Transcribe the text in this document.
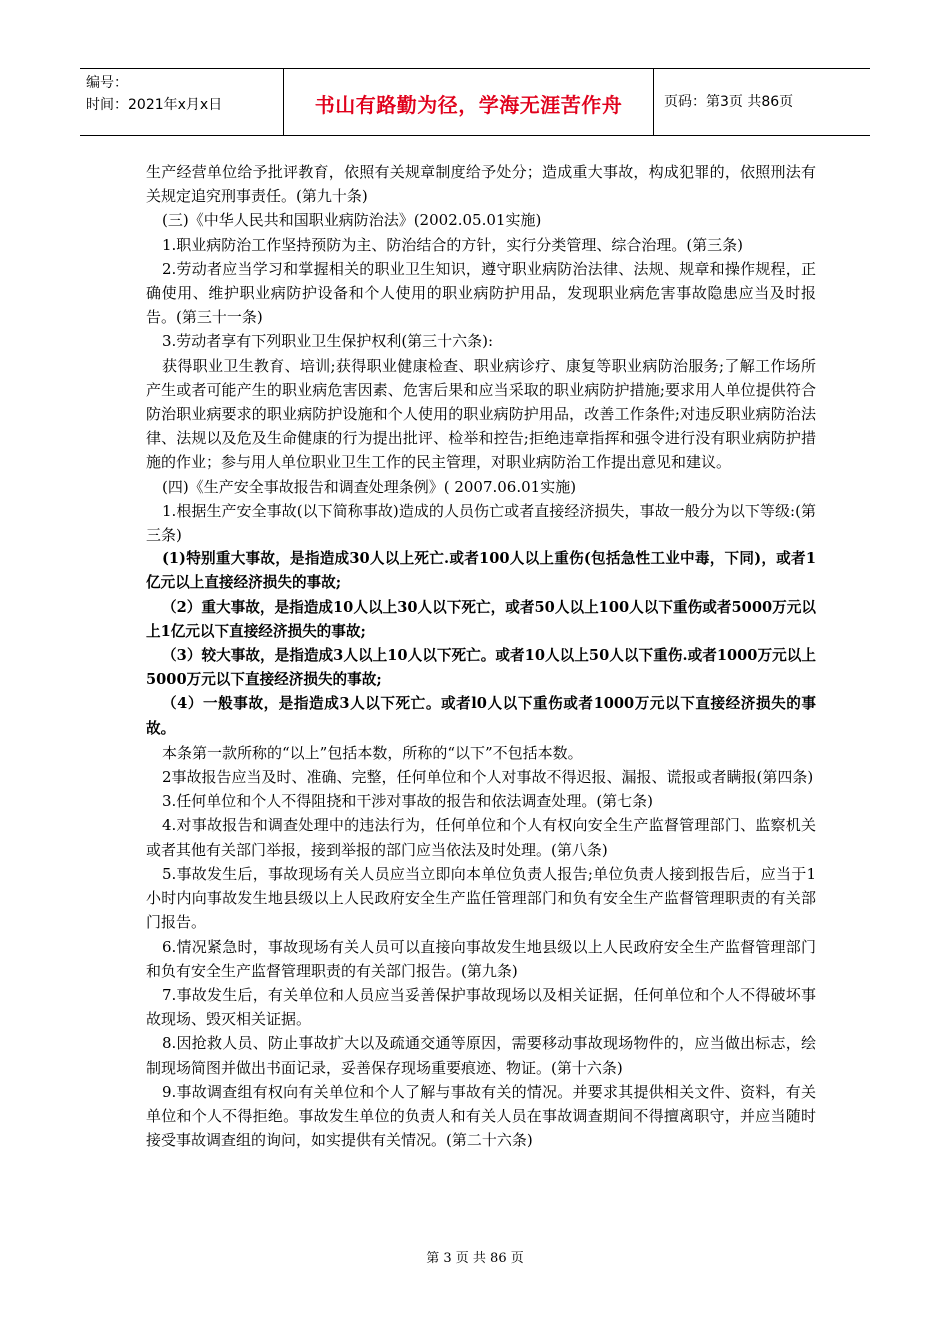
编号：
时间：2021年x月x日	书山有路勤为径，学海无涯苦作舟	页码：第3页 共86页

生产经营单位给予批评教育，依照有关规章制度给予处分；造成重大事故，构成犯罪的，依照刑法有关规定追究刑事责任。(第九十条)

(三)《中华人民共和国职业病防治法》(2002.05.01实施)

1.职业病防治工作坚持预防为主、防治结合的方针，实行分类管理、综合治理。(第三条)

2.劳动者应当学习和掌握相关的职业卫生知识，遵守职业病防治法律、法规、规章和操作规程，正确使用、维护职业病防护设备和个人使用的职业病防护用品，发现职业病危害事故隐患应当及时报告。(第三十一条)

3.劳动者享有下列职业卫生保护权利(第三十六条):

获得职业卫生教育、培训;获得职业健康检查、职业病诊疗、康复等职业病防治服务;了解工作场所产生或者可能产生的职业病危害因素、危害后果和应当采取的职业病防护措施;要求用人单位提供符合防治职业病要求的职业病防护设施和个人使用的职业病防护用品，改善工作条件;对违反职业病防治法律、法规以及危及生命健康的行为提出批评、检举和控告;拒绝违章指挥和强令进行没有职业病防护措施的作业；参与用人单位职业卫生工作的民主管理，对职业病防治工作提出意见和建议。

(四)《生产安全事故报告和调查处理条例》( 2007.06.01实施)

1.根据生产安全事故(以下简称事故)造成的人员伤亡或者直接经济损失，事故一般分为以下等级:(第三条)

(1)特别重大事故，是指造成30人以上死亡.或者100人以上重伤(包括急性工业中毒，下同)，或者1亿元以上直接经济损失的事故;

（2）重大事故，是指造成10人以上30人以下死亡，或者50人以上100人以下重伤或者5000万元以上1亿元以下直接经济损失的事故;

（3）较大事故，是指造成3人以上10人以下死亡。或者10人以上50人以下重伤.或者1000万元以上5000万元以下直接经济损失的事故;

（4）一般事故，是指造成3人以下死亡。或者l0人以下重伤或者1000万元以下直接经济损失的事故。

本条第一款所称的“以上”包括本数，所称的“以下”不包括本数。

2事故报告应当及时、准确、完整，任何单位和个人对事故不得迟报、漏报、谎报或者瞒报(第四条)

3.任何单位和个人不得阻挠和干涉对事故的报告和依法调查处理。(第七条)

4.对事故报告和调查处理中的违法行为，任何单位和个人有权向安全生产监督管理部门、监察机关或者其他有关部门举报，接到举报的部门应当依法及时处理。(第八条)

5.事故发生后，事故现场有关人员应当立即向本单位负责人报告;单位负责人接到报告后，应当于1小时内向事故发生地县级以上人民政府安全生产监任管理部门和负有安全生产监督管理职责的有关部门报告。

6.情况紧急时，事故现场有关人员可以直接向事故发生地县级以上人民政府安全生产监督管理部门和负有安全生产监督管理职责的有关部门报告。(第九条)

7.事故发生后，有关单位和人员应当妥善保护事故现场以及相关证据，任何单位和个人不得破坏事故现场、毁灭相关证据。

8.因抢救人员、防止事故扩大以及疏通交通等原因，需要移动事故现场物件的，应当做出标志，绘制现场简图并做出书面记录，妥善保存现场重要痕迹、物证。(第十六条)

9.事故调查组有权向有关单位和个人了解与事故有关的情况。并要求其提供相关文件、资料，有关单位和个人不得拒绝。事故发生单位的负责人和有关人员在事故调查期间不得擅离职守，并应当随时接受事故调查组的询问，如实提供有关情况。(第二十六条)

第 3 页 共 86 页
